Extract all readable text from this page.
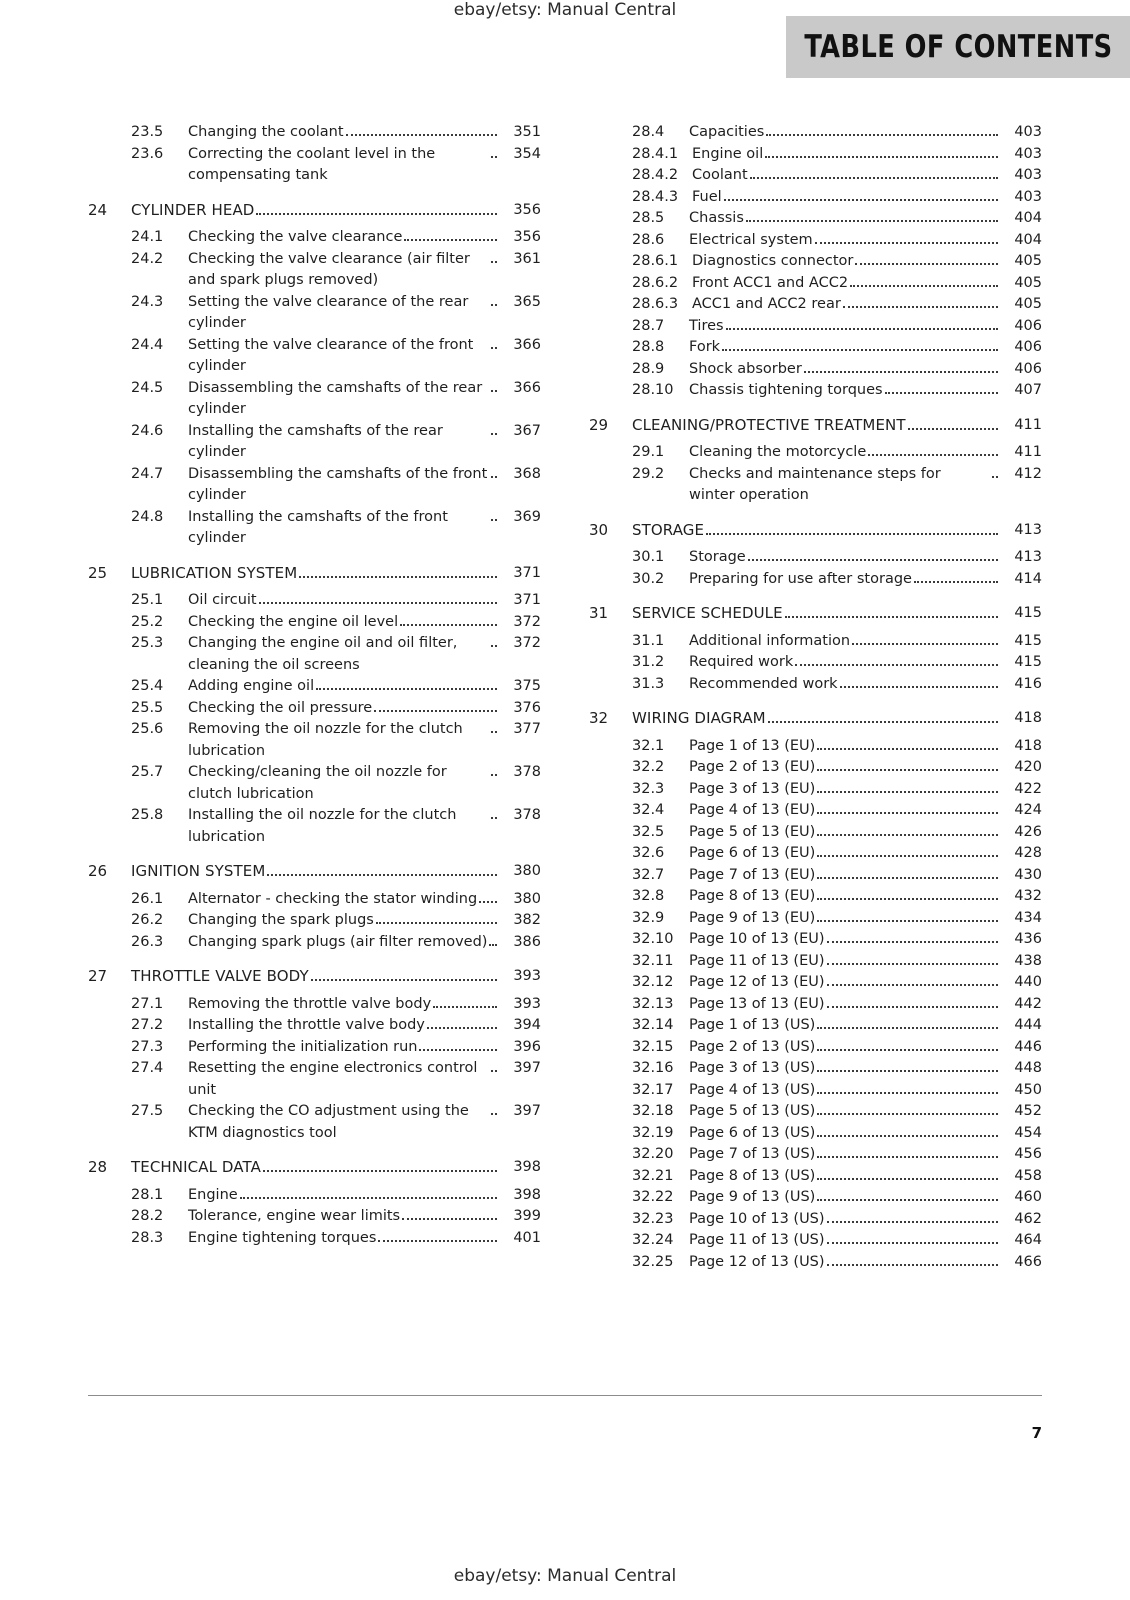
ebay/etsy: Manual Central
TABLE OF CONTENTS
23.5	Changing the coolant	351
23.6	Correcting the coolant level in the compensating tank
354
24	CYLINDER HEAD	356
24.1	Checking the valve clearance	356
24.2	Checking the valve clearance (air filter and spark plugs removed)
361
24.3	Setting the valve clearance of the rear cylinder
365
24.4	Setting the valve clearance of the front cylinder
366
24.5	Disassembling the camshafts of the rear cylinder
366
24.6	Installing the camshafts of the rear cylinder
367
24.7	Disassembling the camshafts of the front cylinder
368
24.8	Installing the camshafts of the front cylinder
369
25	LUBRICATION SYSTEM	371
25.1	Oil circuit	371
25.2	Checking the engine oil level	372
25.3	Changing the engine oil and oil filter, cleaning the oil screens
372
25.4	Adding engine oil	375
25.5	Checking the oil pressure	376
25.6	Removing the oil nozzle for the clutch lubrication
377
25.7	Checking/cleaning the oil nozzle for clutch lubrication
378
25.8	Installing the oil nozzle for the clutch lubrication
378
26	IGNITION SYSTEM	380
26.1	Alternator - checking the stator winding	380
26.2	Changing the spark plugs	382
26.3	Changing spark plugs (air filter removed)	386
27	THROTTLE VALVE BODY	393
27.1	Removing the throttle valve body	393
27.2	Installing the throttle valve body	394
27.3	Performing the initialization run	396
27.4	Resetting the engine electronics control unit
397
27.5	Checking the CO adjustment using the KTM diagnostics tool
397
28	TECHNICAL DATA	398
28.1	Engine	398
28.2	Tolerance, engine wear limits	399
28.3	Engine tightening torques	401
28.4	Capacities	403
28.4.1 Engine oil	403
28.4.2 Coolant	403
28.4.3 Fuel	403
28.5	Chassis	404
28.6	Electrical system	404
28.6.1 Diagnostics connector	405
28.6.2 Front ACC1 and ACC2	405
28.6.3 ACC1 and ACC2 rear	405
28.7	Tires	406
28.8	Fork	406
28.9	Shock absorber	406
28.10	Chassis tightening torques	407
29	CLEANING/PROTECTIVE TREATMENT	411
29.1	Cleaning the motorcycle	411
29.2	Checks and maintenance steps for winter operation
412
30	STORAGE	413
30.1	Storage	413
30.2	Preparing for use after storage	414
31	SERVICE SCHEDULE	415
31.1	Additional information	415
31.2	Required work	415
31.3	Recommended work	416
32	WIRING DIAGRAM	418
32.1	Page 1 of 13 (EU)	418
32.2	Page 2 of 13 (EU)	420
32.3	Page 3 of 13 (EU)	422
32.4	Page 4 of 13 (EU)	424
32.5	Page 5 of 13 (EU)	426
32.6	Page 6 of 13 (EU)	428
32.7	Page 7 of 13 (EU)	430
32.8	Page 8 of 13 (EU)	432
32.9	Page 9 of 13 (EU)	434
32.10	Page 10 of 13 (EU)	436
32.11	Page 11 of 13 (EU)	438
32.12	Page 12 of 13 (EU)	440
32.13	Page 13 of 13 (EU)	442
32.14	Page 1 of 13 (US)	444
32.15	Page 2 of 13 (US)	446
32.16	Page 3 of 13 (US)	448
32.17	Page 4 of 13 (US)	450
32.18	Page 5 of 13 (US)	452
32.19	Page 6 of 13 (US)	454
32.20	Page 7 of 13 (US)	456
32.21	Page 8 of 13 (US)	458
32.22	Page 9 of 13 (US)	460
32.23	Page 10 of 13 (US)	462
32.24	Page 11 of 13 (US)	464
32.25	Page 12 of 13 (US)	466
7
ebay/etsy: Manual Central
